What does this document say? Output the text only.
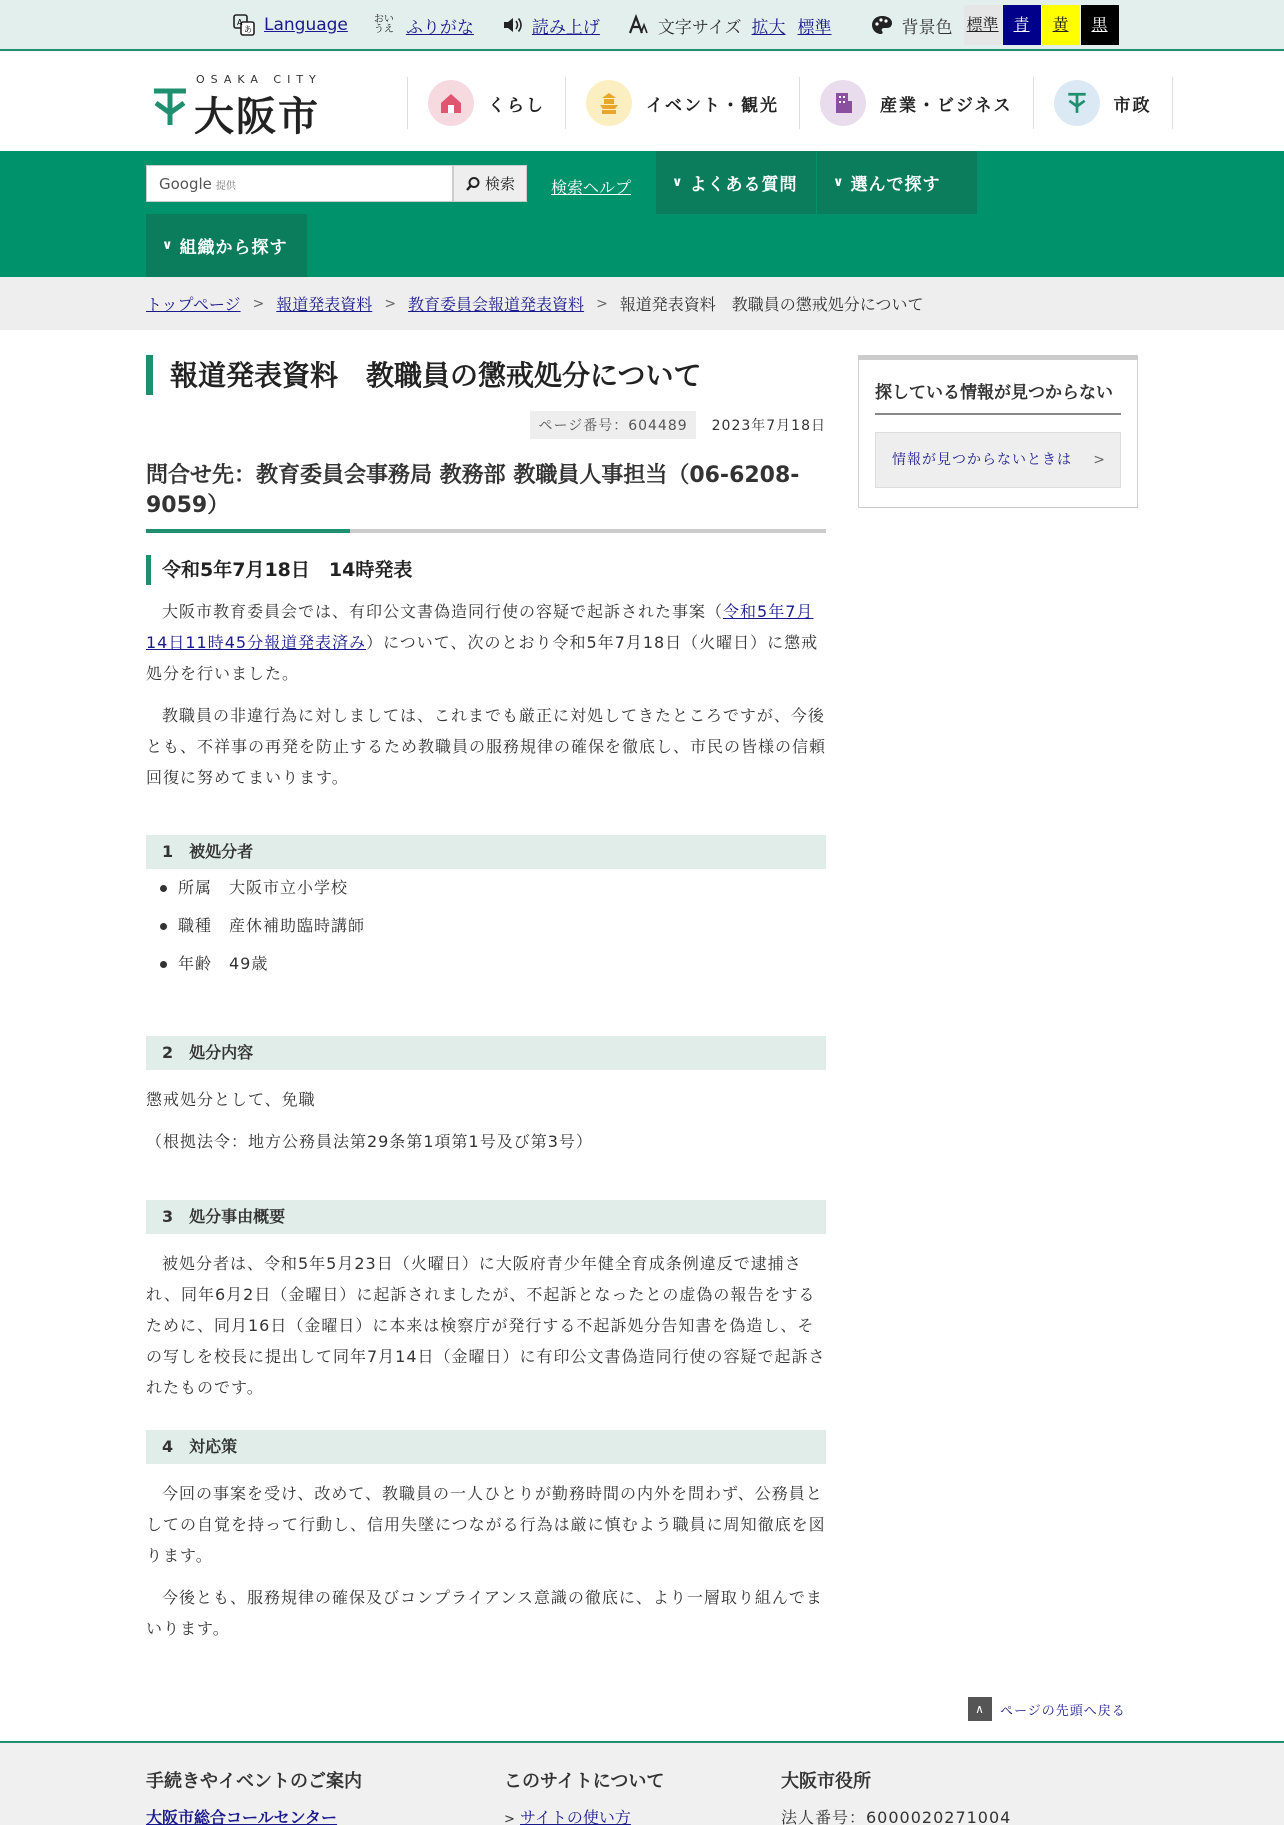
A
あ Language	おいうえ ふりがな	読み上げ	文字サイズ 拡大 標準	背景色 標準 青	黄	黒
OSAKA CITY
大阪市	くらし	イベント・観光	産業・ビジネス	市政
Google 提供	検索 検索ヘルプ	∨ よくある質問	∨ 選んで探す
∨ 組織から探す
トップページ > 報道発表資料 > 教育委員会報道発表資料 > 報道発表資料　教職員の懲戒処分について
報道発表資料　教職員の懲戒処分について
ページ番号：604489	2023年7月18日
問合せ先：教育委員会事務局 教務部 教職員人事担当（06-6208-9059）
令和5年7月18日　14時発表

大阪市教育委員会では、有印公文書偽造同行使の容疑で起訴された事案（令和5年7月14日11時45分報道発表済み）について、次のとおり令和5年7月18日（火曜日）に懲戒処分を行いました。

教職員の非違行為に対しましては、これまでも厳正に対処してきたところですが、今後とも、不祥事の再発を防止するため教職員の服務規律の確保を徹底し、市民の皆様の信頼回復に努めてまいります。

1　被処分者
所属　大阪市立小学校
職種　産休補助臨時講師
年齢　49歳
2　処分内容

懲戒処分として、免職

（根拠法令：地方公務員法第29条第1項第1号及び第3号）

3　処分事由概要

被処分者は、令和5年5月23日（火曜日）に大阪府青少年健全育成条例違反で逮捕され、同年6月2日（金曜日）に起訴されましたが、不起訴となったとの虚偽の報告をするために、同月16日（金曜日）に本来は検察庁が発行する不起訴処分告知書を偽造し、その写しを校長に提出して同年7月14日（金曜日）に有印公文書偽造同行使の容疑で起訴されたものです。

4　対応策

今回の事案を受け、改めて、教職員の一人ひとりが勤務時間の内外を問わず、公務員としての自覚を持って行動し、信用失墜につながる行為は厳に慎むよう職員に周知徹底を図ります。

今後とも、服務規律の確保及びコンプライアンス意識の徹底に、より一層取り組んでまいります。

探している情報が見つからない
情報が見つからないときは >
∧	ページの先頭へ戻る
手続きやイベントのご案内
大阪市総合コールセンター
このサイトについて
> サイトの使い方
大阪市役所
法人番号：6000020271004
